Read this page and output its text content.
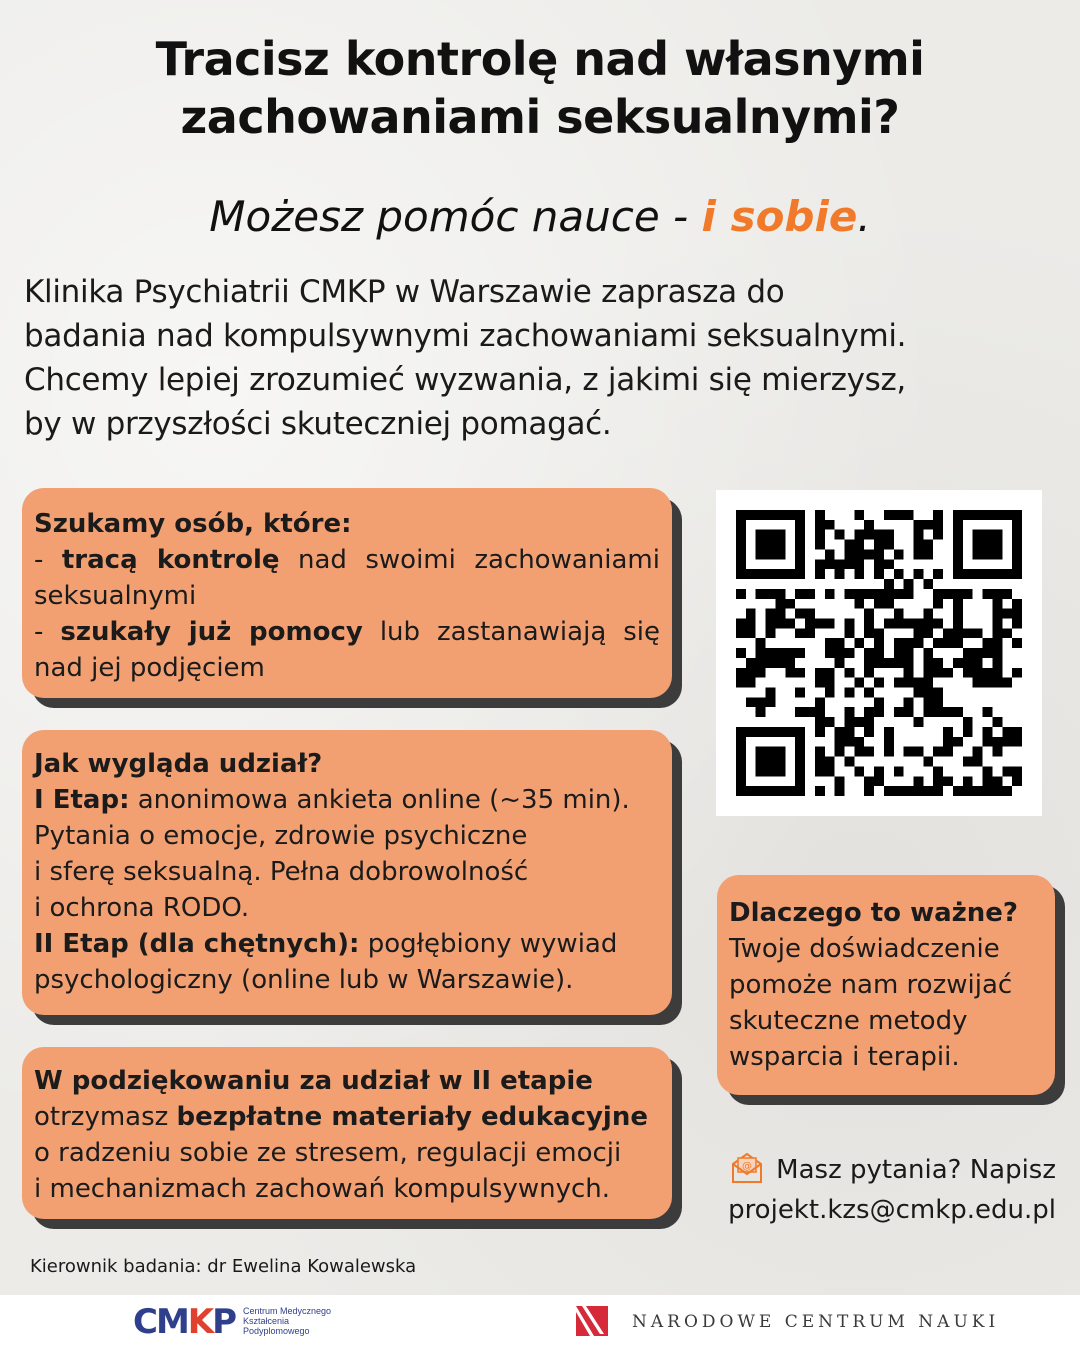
Tracisz kontrolę nad własnymi
zachowaniami seksualnymi?

Możesz pomóc nauce - i sobie.

Klinika Psychiatrii CMKP w Warszawie zaprasza do
badania nad kompulsywnymi zachowaniami seksualnymi.
Chcemy lepiej zrozumieć wyzwania, z jakimi się mierzysz,
by w przyszłości skuteczniej pomagać.

Szukamy osób, które:
- tracą kontrolę nad swoimi zachowaniami seksualnymi
- szukały już pomocy lub zastanawiają się nad jej podjęciem
Jak wygląda udział?
I Etap: anonimowa ankieta online (~35 min).
Pytania o emocje, zdrowie psychiczne
i sferę seksualną. Pełna dobrowolność
i ochrona RODO.
II Etap (dla chętnych): pogłębiony wywiad
psychologiczny (online lub w Warszawie).
W podziękowaniu za udział w II etapie
otrzymasz bezpłatne materiały edukacyjne
o radzeniu sobie ze stresem, regulacji emocji
i mechanizmach zachowań kompulsywnych.
Dlaczego to ważne?
Twoje doświadczenie
pomoże nam rozwijać
skuteczne metody
wsparcia i terapii.
@ Masz pytania? Napisz
projekt.kzs@cmkp.edu.pl
Kierownik badania: dr Ewelina Kowalewska
CMKP Centrum Medycznego
Kształcenia
Podyplomowego	NARODOWE CENTRUM NAUKI
